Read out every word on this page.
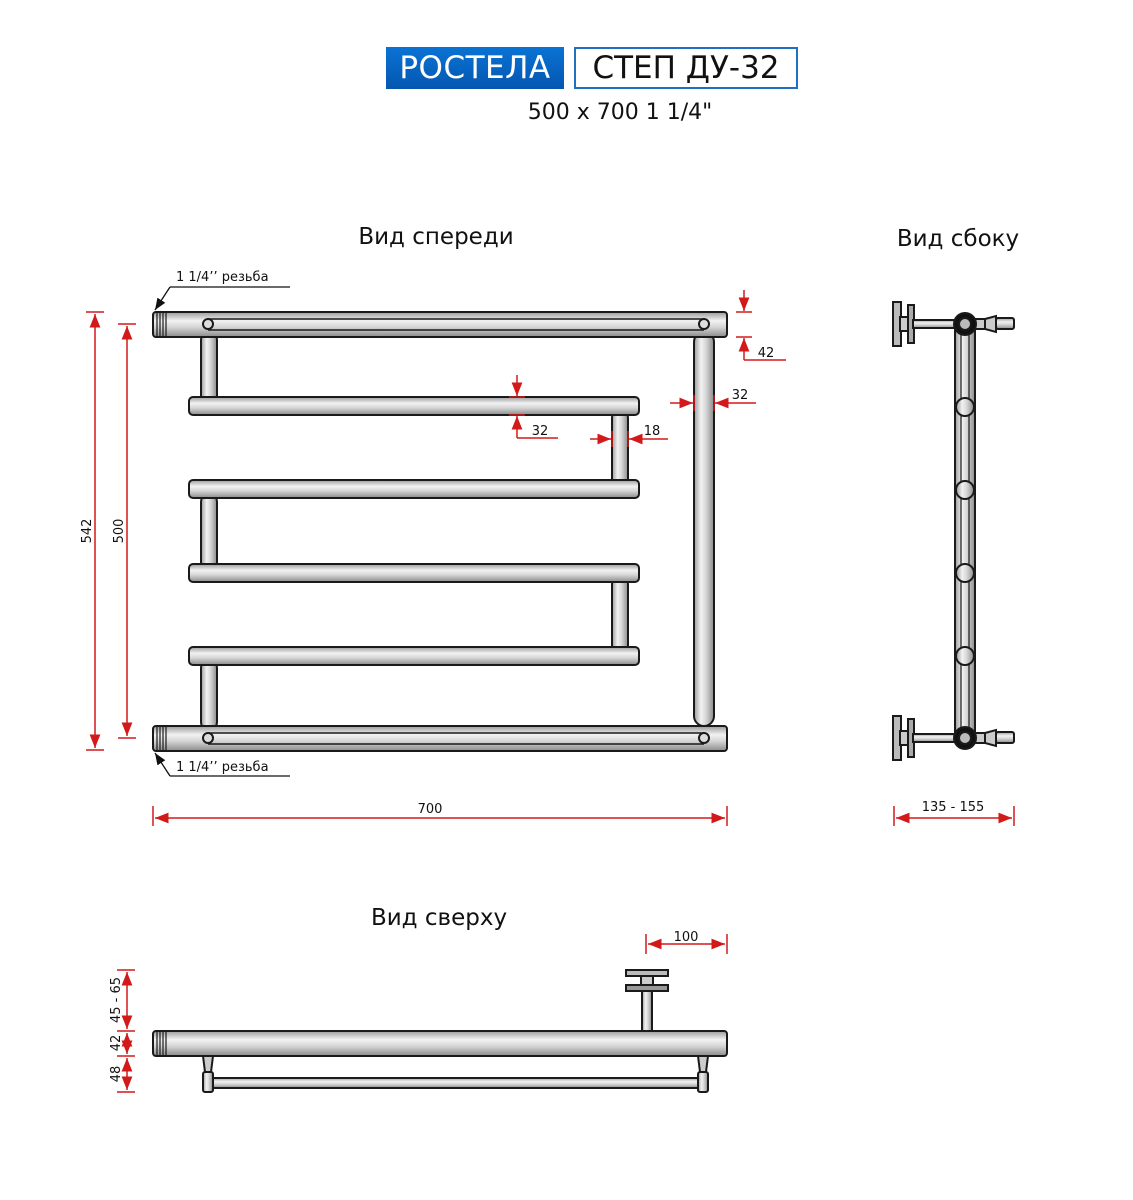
РОСТЕЛА	СТЕП ДУ-32
500 x 700 1 1/4"
Вид спереди	Вид сбоку
Вид сверху
1 1/4’’ резьба
1 1/4’’ резьба
542 500
700
42
32	18
32
135 - 155
100
45 - 65
42
48
